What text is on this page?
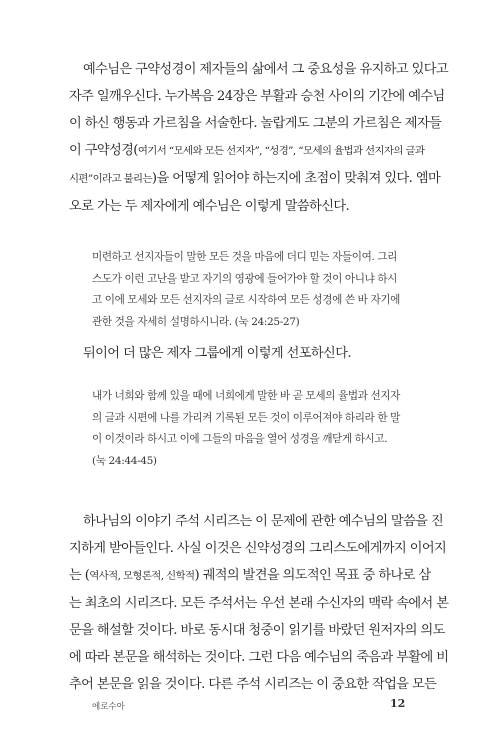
예수님은 구약성경이 제자들의 삶에서 그 중요성을 유지하고 있다고
자주 일깨우신다. 누가복음 24장은 부활과 승천 사이의 기간에 예수님
이 하신 행동과 가르침을 서술한다. 놀랍게도 그분의 가르침은 제자들
이 구약성경(여기서 “모세와 모든 선지자”, “성경”, “모세의 율법과 선지자의 글과
시편”이라고 불리는)을 어떻게 읽어야 하는지에 초점이 맞춰져 있다. 엠마
오로 가는 두 제자에게 예수님은 이렇게 말씀하신다.

미련하고 선지자들이 말한 모든 것을 마음에 더디 믿는 자들이여. 그리
스도가 이런 고난을 받고 자기의 영광에 들어가야 할 것이 아니냐 하시
고 이에 모세와 모든 선지자의 글로 시작하여 모든 성경에 쓴 바 자기에
관한 것을 자세히 설명하시니라. (눅 24:25-27)

뒤이어 더 많은 제자 그룹에게 이렇게 선포하신다.

내가 너희와 함께 있을 때에 너희에게 말한 바 곧 모세의 율법과 선지자
의 글과 시편에 나를 가리켜 기록된 모든 것이 이루어져야 하리라 한 말
이 이것이라 하시고 이에 그들의 마음을 열어 성경을 깨닫게 하시고.
(눅 24:44-45)

하나님의 이야기 주석 시리즈는 이 문제에 관한 예수님의 말씀을 진
지하게 받아들인다. 사실 이것은 신약성경의 그리스도에게까지 이어지
는 (역사적, 모형론적, 신학적) 궤적의 발견을 의도적인 목표 중 하나로 삼
는 최초의 시리즈다. 모든 주석서는 우선 본래 수신자의 맥락 속에서 본
문을 해설할 것이다. 바로 동시대 청중이 읽기를 바랐던 원저자의 의도
에 따라 본문을 해석하는 것이다. 그런 다음 예수님의 죽음과 부활에 비
추어 본문을 읽을 것이다. 다른 주석 시리즈는 이 중요한 작업을 모든

에로수아	12
